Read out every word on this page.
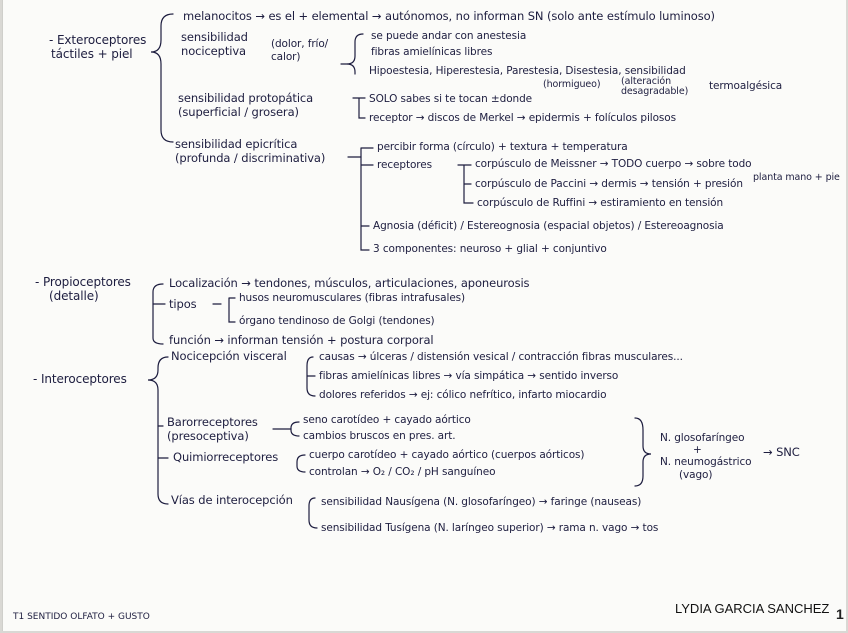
- Exteroceptores
táctiles + piel
melanocitos → es el + elemental → autónomos, no informan SN (solo ante estímulo luminoso)
sensibilidad
nociceptiva (dolor, frío/ calor)
se puede andar con anestesia
fibras amielínicas libres
Hipoestesia, Hiperestesia, Parestesia, Disestesia, sensibilidad
(hormigueo) (alteración desagradable)	termoalgésica
sensibilidad protopática
(superficial / grosera)
SOLO sabes si te tocan ±donde
receptor → discos de Merkel → epidermis + folículos pilosos
sensibilidad epicrítica
(profunda / discriminativa)
percibir forma (círculo) + textura + temperatura
receptores	corpúsculo de Meissner → TODO cuerpo → sobre todo
planta mano + pie
corpúsculo de Paccini → dermis → tensión + presión
corpúsculo de Ruffini → estiramiento en tensión
Agnosia (déficit) / Estereognosia (espacial objetos) / Estereoagnosia
3 componentes: neuroso + glial + conjuntivo
- Propioceptores
(detalle)
Localización → tendones, músculos, articulaciones, aponeurosis
tipos	husos neuromusculares (fibras intrafusales)
órgano tendinoso de Golgi (tendones)
función → informan tensión + postura corporal
- Interoceptores
Nocicepción visceral	causas → úlceras / distensión vesical / contracción fibras musculares...
fibras amielínicas libres → vía simpática → sentido inverso
dolores referidos → ej: cólico nefrítico, infarto miocardio
Barorreceptores
(presoceptiva)
seno carotídeo + cayado aórtico
cambios bruscos en pres. art.
Quimiorreceptores	cuerpo carotídeo + cayado aórtico (cuerpos aórticos)
controlan → O₂ / CO₂ / pH sanguíneo
N. glosofaríngeo
+
N. neumogástrico
(vago)
→ SNC
Vías de interocepción	sensibilidad Nausígena (N. glosofaríngeo) → faringe (nauseas)
sensibilidad Tusígena (N. laríngeo superior) → rama n. vago → tos
LYDIA GARCIA SANCHEZ 1
T1 SENTIDO OLFATO + GUSTO
